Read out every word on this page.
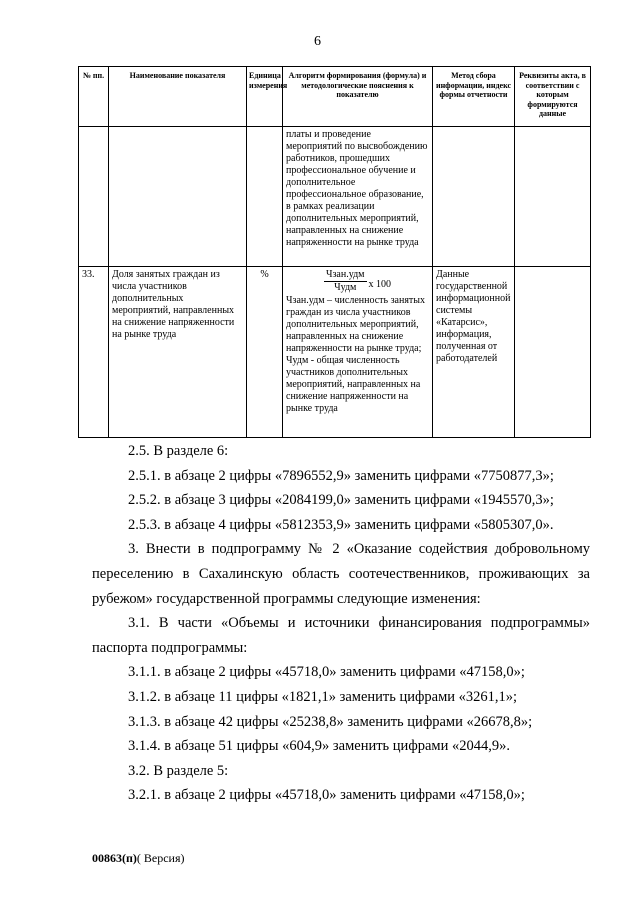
6
№ пп.	Наименование показателя	Единица измерения	Алгоритм формирования (формула) и методологические пояснения к показателю	Метод сбора информации, индекс формы отчетности	Реквизиты акта, в соответствии с которым формируются данные
			платы и проведение мероприятий по высвобождению работников, прошедших профессиональное обучение и дополнительное профессиональное образование, в рамках реализации дополнительных мероприятий, направленных на снижение напряженности на рынке труда		
33.	Доля занятых граждан из числа участников дополнительных мероприятий, направленных на снижение напряженности на рынке труда	%	$\frac{\text{Чзан.удм}}{\text{Чудм}}$ x 100
Чзан.удм – численность занятых граждан из числа участников дополнительных мероприятий, направленных на снижение напряженности на рынке труда; Чудм - общая численность участников дополнительных мероприятий, направленных на снижение напряженности на рынке труда	Данные государственной информационной системы «Катарсис», информация, полученная от работодателей	

2.5. В разделе 6:

2.5.1. в абзаце 2 цифры «7896552,9» заменить цифрами «7750877,3»;

2.5.2. в абзаце 3 цифры «2084199,0» заменить цифрами «1945570,3»;

2.5.3. в абзаце 4 цифры «5812353,9» заменить цифрами «5805307,0».

3. Внести в подпрограмму № 2 «Оказание содействия добровольному переселению в Сахалинскую область соотечественников, проживающих за рубежом» государственной программы следующие изменения:

3.1. В части «Объемы и источники финансирования подпрограммы» паспорта подпрограммы:

3.1.1. в абзаце 2 цифры «45718,0» заменить цифрами «47158,0»;

3.1.2. в абзаце 11 цифры «1821,1» заменить цифрами «3261,1»;

3.1.3. в абзаце 42 цифры «25238,8» заменить цифрами «26678,8»;

3.1.4. в абзаце 51 цифры «604,9» заменить цифрами «2044,9».

3.2. В разделе 5:

3.2.1. в абзаце 2 цифры «45718,0» заменить цифрами «47158,0»;

00863(п)( Версия)
